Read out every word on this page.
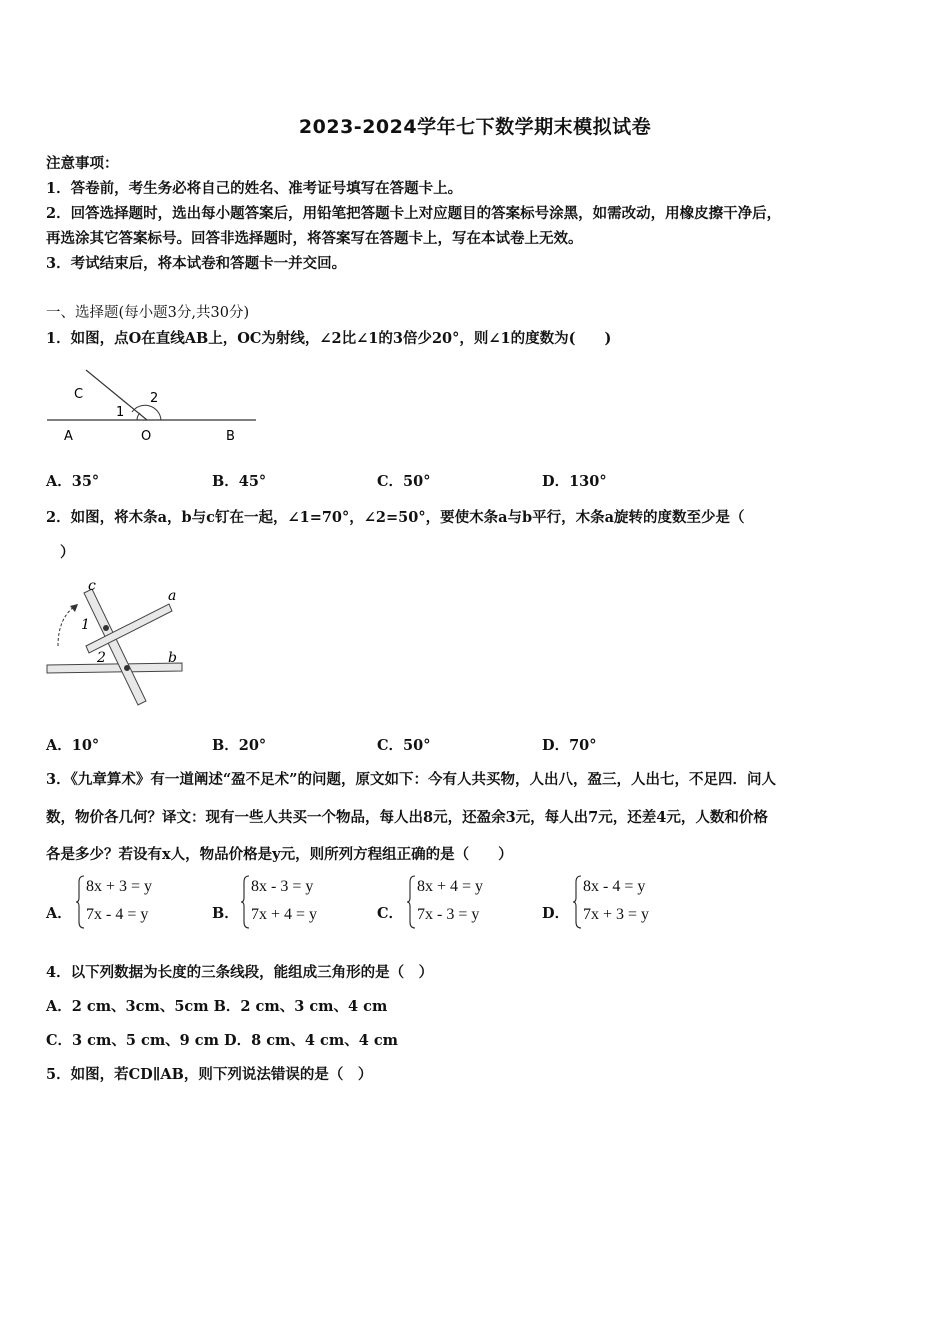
2023-2024学年七下数学期末模拟试卷
注意事项：
1．答卷前，考生务必将自己的姓名、准考证号填写在答题卡上。
2．回答选择题时，选出每小题答案后，用铅笔把答题卡上对应题目的答案标号涂黑，如需改动，用橡皮擦干净后，
再选涂其它答案标号。回答非选择题时，将答案写在答题卡上，写在本试卷上无效。
3．考试结束后，将本试卷和答题卡一并交回。
一、选择题(每小题3分,共30分)
1．如图，点O在直线AB上，OC为射线，∠2比∠1的3倍少20°，则∠1的度数为(　　)
C	2
1
A	O	B
A．35°	B．45°	C．50°	D．130°
2．如图，将木条a，b与c钉在一起，∠1=70°，∠2=50°，要使木条a与b平行，木条a旋转的度数至少是（
）
c
a
1
2	b
A．10°	B．20°	C．50°	D．70°
3．《九章算术》有一道阐述“盈不足术”的问题，原文如下：今有人共买物，人出八，盈三，人出七，不足四．问人
数，物价各几何？译文：现有一些人共买一个物品，每人出8元，还盈余3元，每人出7元，还差4元，人数和价格
各是多少？若设有x人，物品价格是y元，则所列方程组正确的是（　　）
A．
8x + 3 = y
7x - 4 = y	B．
8x - 3 = y
7x + 4 = y	C．
8x + 4 = y
7x - 3 = y	D．
8x - 4 = y
7x + 3 = y
4．以下列数据为长度的三条线段，能组成三角形的是（　）
A．2 cm、3cm、5cm B．2 cm、3 cm、4 cm
C．3 cm、5 cm、9 cm D．8 cm、4 cm、4 cm
5．如图，若CD∥AB，则下列说法错误的是（　）
